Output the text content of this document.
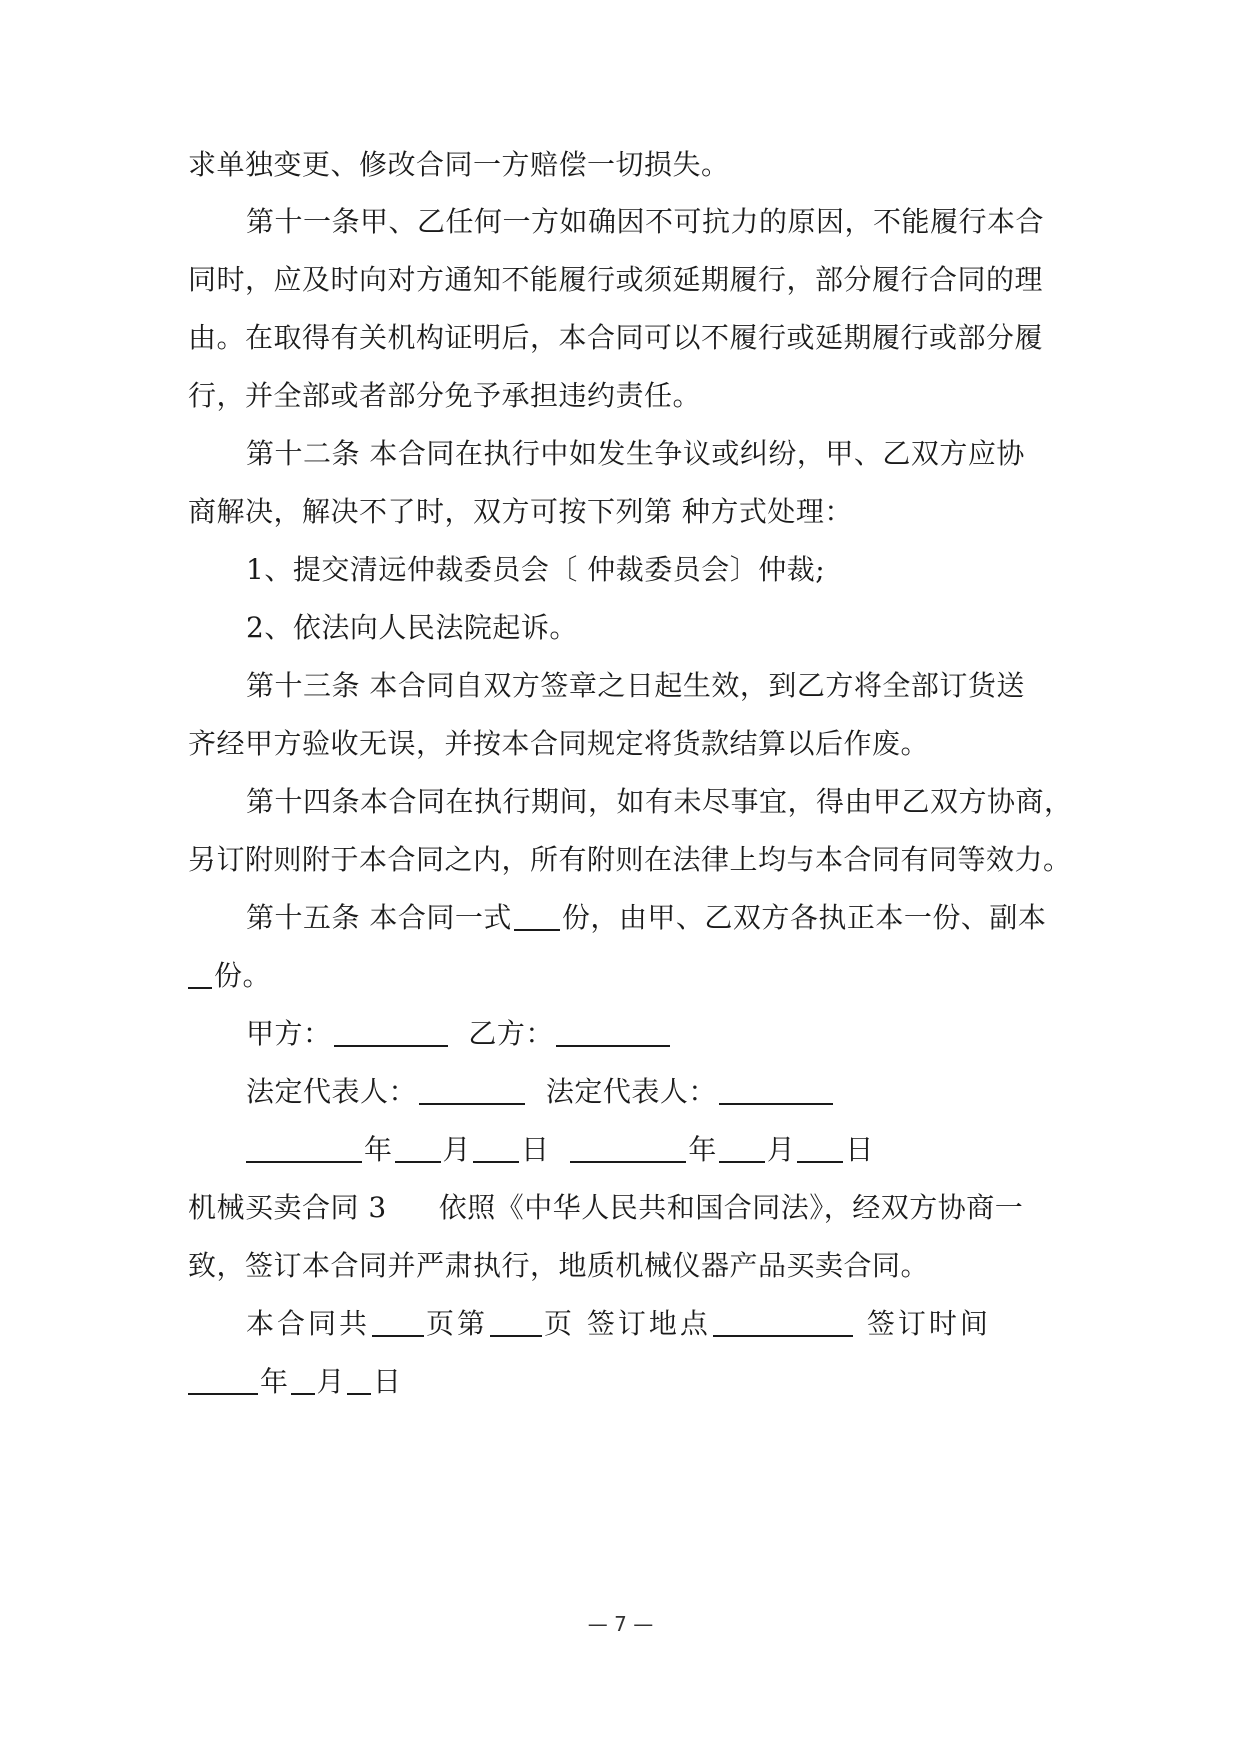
求单独变更、修改合同一方赔偿一切损失。
第十一条甲、乙任何一方如确因不可抗力的原因，不能履行本合
同时，应及时向对方通知不能履行或须延期履行，部分履行合同的理
由。在取得有关机构证明后，本合同可以不履行或延期履行或部分履
行，并全部或者部分免予承担违约责任。
第十二条 本合同在执行中如发生争议或纠纷，甲、乙双方应协
商解决，解决不了时，双方可按下列第 种方式处理：
1、提交清远仲裁委员会〔 仲裁委员会〕仲裁;
2、依法向人民法院起诉。
第十三条 本合同自双方签章之日起生效，到乙方将全部订货送
齐经甲方验收无误，并按本合同规定将货款结算以后作废。
第十四条本合同在执行期间，如有未尽事宜，得由甲乙双方协商，
另订附则附于本合同之内，所有附则在法律上均与本合同有同等效力。
第十五条 本合同一式 份，由甲、乙双方各执正本一份、副本
份。
甲方：	乙方：
法定代表人：	法定代表人：
年 月 日	年 月 日
机械买卖合同 3 依照《中华人民共和国合同法》，经双方协商一
致，签订本合同并严肃执行，地质机械仪器产品买卖合同。
本合同共 页第 页 签订地点	签订时间
年 月 日
— 7 —
